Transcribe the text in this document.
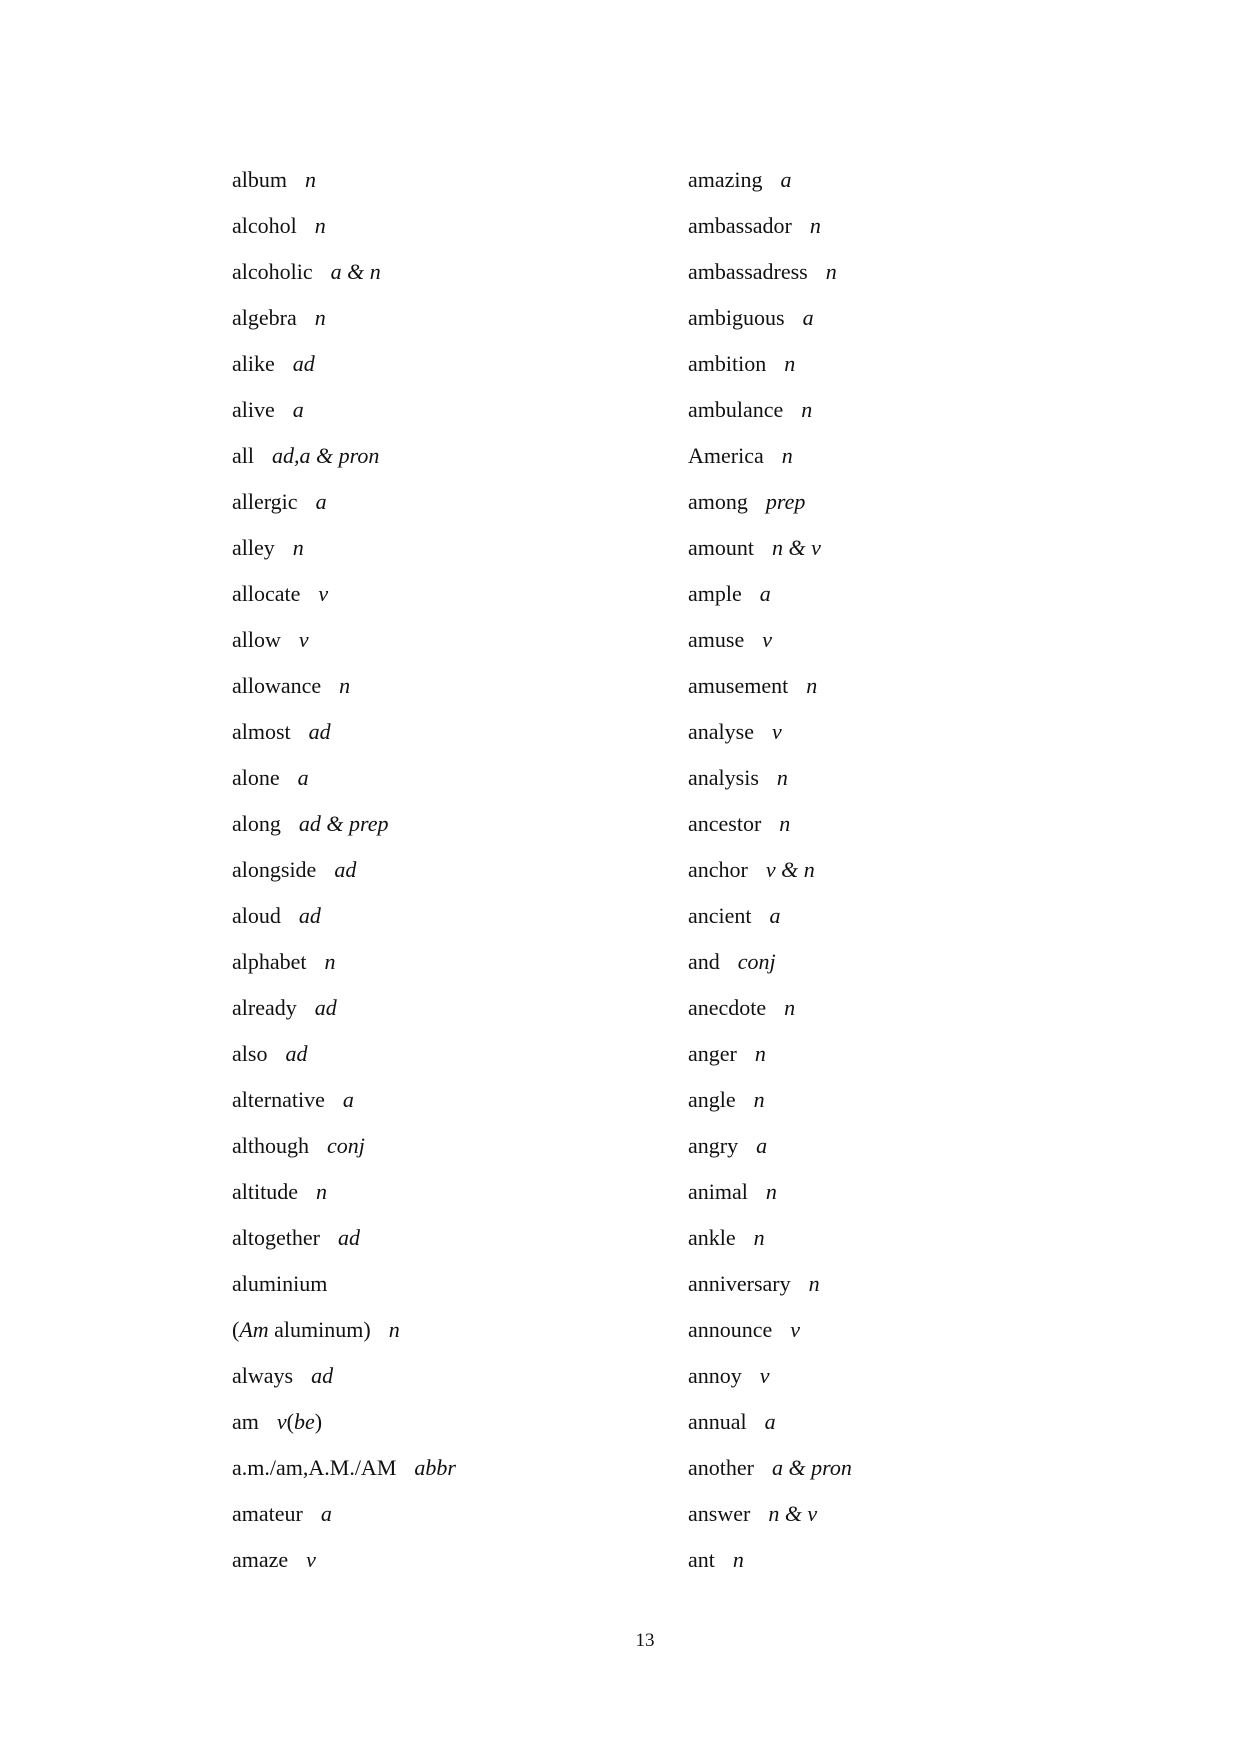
album n
alcohol n
alcoholic a & n
algebra n
alike ad
alive a
all ad,a & pron
allergic a
alley n
allocate v
allow v
allowance n
almost ad
alone a
along ad & prep
alongside ad
aloud ad
alphabet n
already ad
also ad
alternative a
although conj
altitude n
altogether ad
aluminium
(Am aluminum) n
always ad
am v(be)
a.m./am,A.M./AM abbr
amateur a
amaze v
amazing a
ambassador n
ambassadress n
ambiguous a
ambition n
ambulance n
America n
among prep
amount n & v
ample a
amuse v
amusement n
analyse v
analysis n
ancestor n
anchor v & n
ancient a
and conj
anecdote n
anger n
angle n
angry a
animal n
ankle n
anniversary n
announce v
annoy v
annual a
another a & pron
answer n & v
ant n
13
